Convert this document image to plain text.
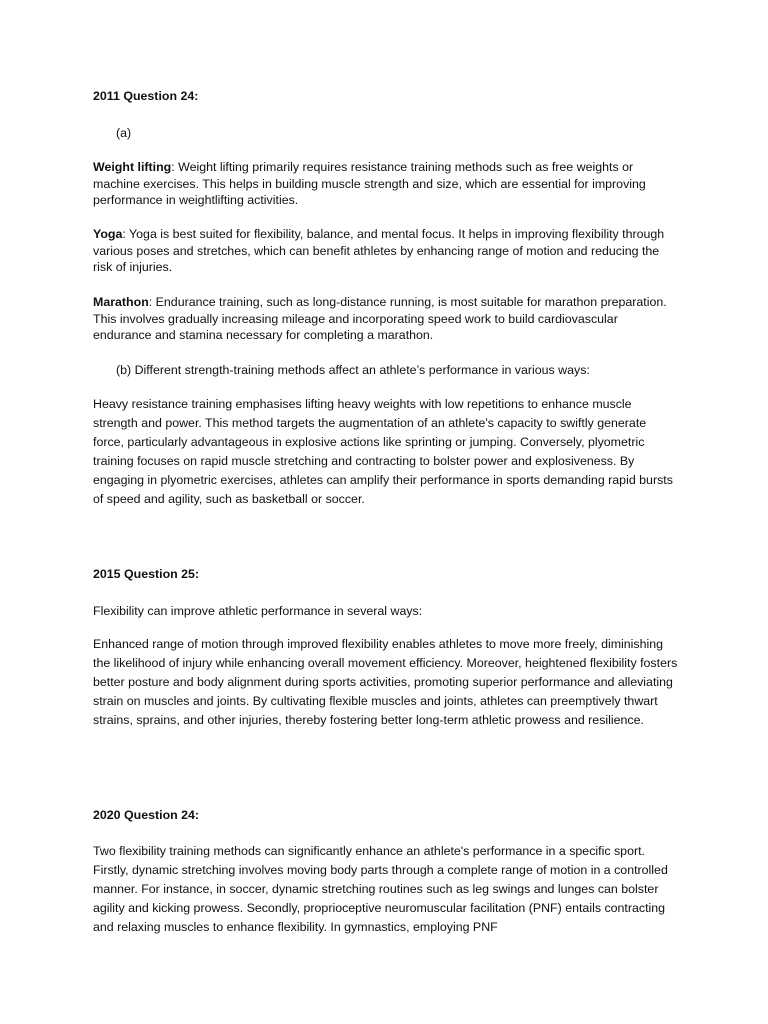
2011 Question 24:

(a)

Weight lifting: Weight lifting primarily requires resistance training methods such as free weights or machine exercises. This helps in building muscle strength and size, which are essential for improving performance in weightlifting activities.

Yoga: Yoga is best suited for flexibility, balance, and mental focus. It helps in improving flexibility through various poses and stretches, which can benefit athletes by enhancing range of motion and reducing the risk of injuries.

Marathon: Endurance training, such as long-distance running, is most suitable for marathon preparation. This involves gradually increasing mileage and incorporating speed work to build cardiovascular endurance and stamina necessary for completing a marathon.

(b) Different strength-training methods affect an athlete’s performance in various ways:

Heavy resistance training emphasises lifting heavy weights with low repetitions to enhance muscle strength and power. This method targets the augmentation of an athlete's capacity to swiftly generate force, particularly advantageous in explosive actions like sprinting or jumping. Conversely, plyometric training focuses on rapid muscle stretching and contracting to bolster power and explosiveness. By engaging in plyometric exercises, athletes can amplify their performance in sports demanding rapid bursts of speed and agility, such as basketball or soccer.

2015 Question 25:

Flexibility can improve athletic performance in several ways:

Enhanced range of motion through improved flexibility enables athletes to move more freely, diminishing the likelihood of injury while enhancing overall movement efficiency. Moreover, heightened flexibility fosters better posture and body alignment during sports activities, promoting superior performance and alleviating strain on muscles and joints. By cultivating flexible muscles and joints, athletes can preemptively thwart strains, sprains, and other injuries, thereby fostering better long-term athletic prowess and resilience.

2020 Question 24:

Two flexibility training methods can significantly enhance an athlete's performance in a specific sport. Firstly, dynamic stretching involves moving body parts through a complete range of motion in a controlled manner. For instance, in soccer, dynamic stretching routines such as leg swings and lunges can bolster agility and kicking prowess. Secondly, proprioceptive neuromuscular facilitation (PNF) entails contracting and relaxing muscles to enhance flexibility. In gymnastics, employing PNF
